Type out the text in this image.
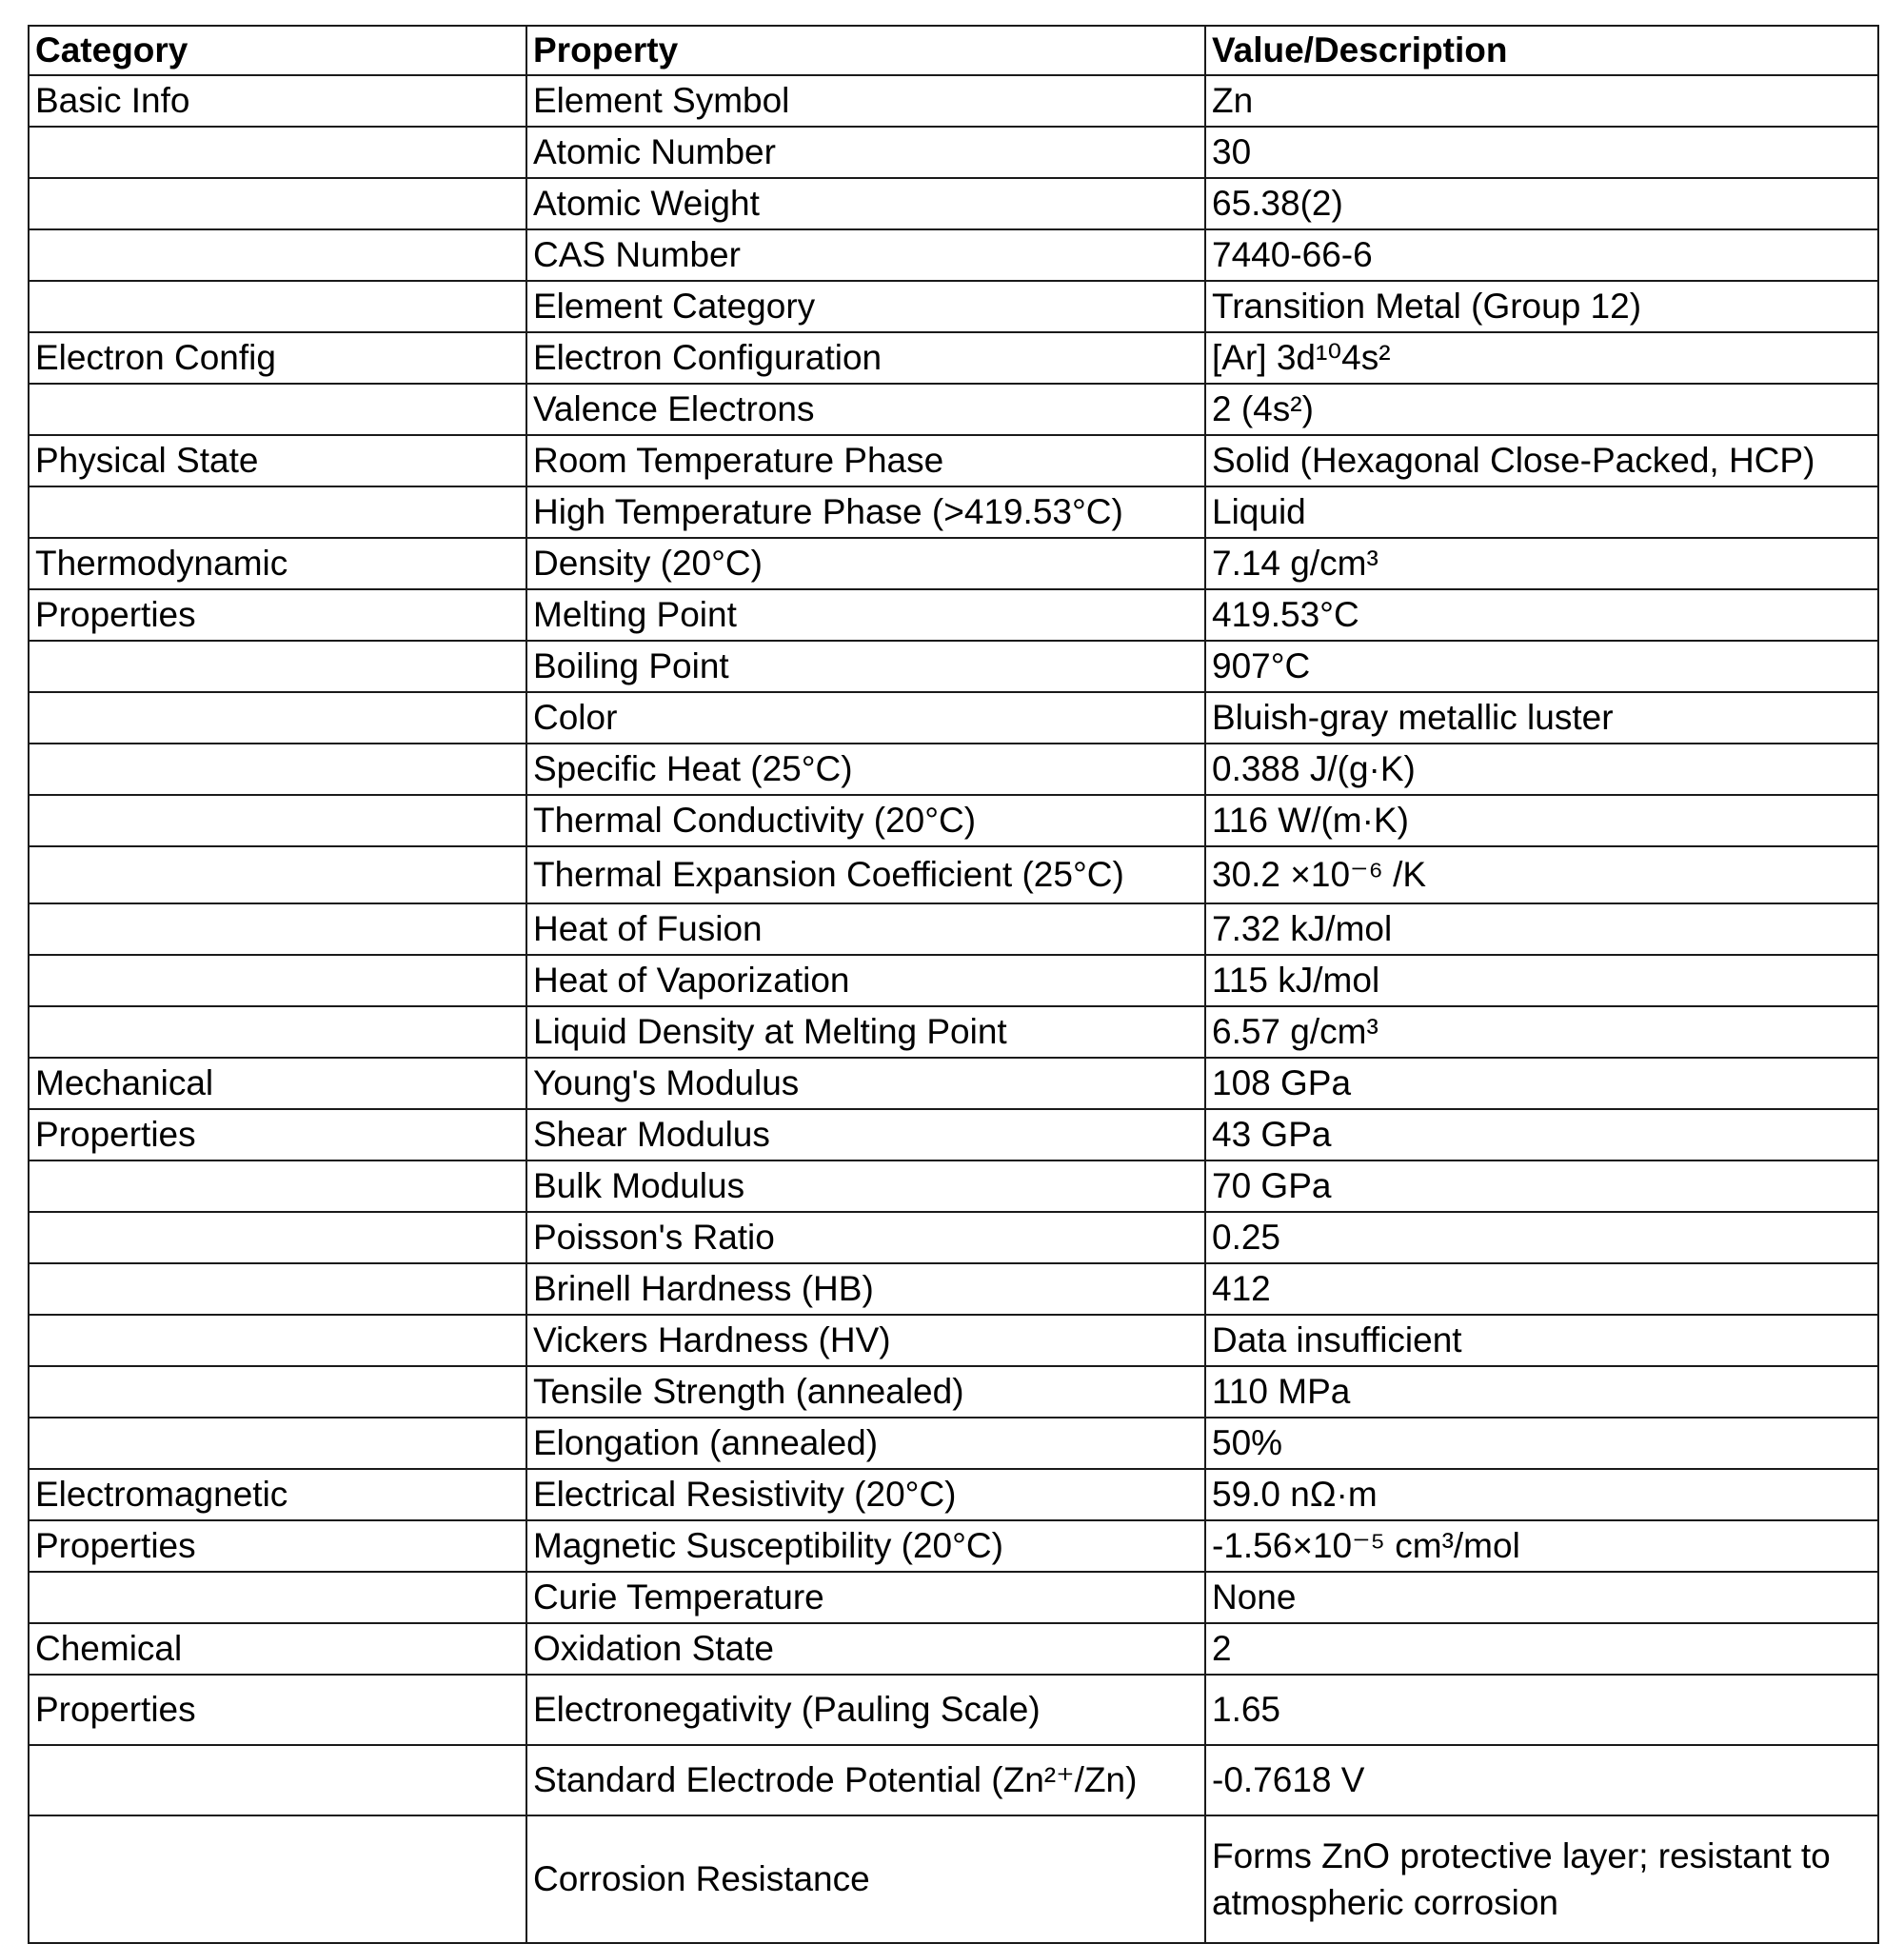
Category	Property	Value/Description
Basic Info	Element Symbol	Zn
	Atomic Number	30
	Atomic Weight	65.38(2)
	CAS Number	7440-66-6
	Element Category	Transition Metal (Group 12)
Electron Config	Electron Configuration	[Ar] 3d¹⁰4s²
	Valence Electrons	2 (4s²)
Physical State	Room Temperature Phase	Solid (Hexagonal Close-Packed, HCP)
	High Temperature Phase (>419.53°C)	Liquid
Thermodynamic	Density (20°C)	7.14 g/cm³
Properties	Melting Point	419.53°C
	Boiling Point	907°C
	Color	Bluish-gray metallic luster
	Specific Heat (25°C)	0.388 J/(g·K)
	Thermal Conductivity (20°C)	116 W/(m·K)
	Thermal Expansion Coefficient (25°C)	30.2 ×10⁻⁶ /K
	Heat of Fusion	7.32 kJ/mol
	Heat of Vaporization	115 kJ/mol
	Liquid Density at Melting Point	6.57 g/cm³
Mechanical	Young's Modulus	108 GPa
Properties	Shear Modulus	43 GPa
	Bulk Modulus	70 GPa
	Poisson's Ratio	0.25
	Brinell Hardness (HB)	412
	Vickers Hardness (HV)	Data insufficient
	Tensile Strength (annealed)	110 MPa
	Elongation (annealed)	50%
Electromagnetic	Electrical Resistivity (20°C)	59.0 nΩ·m
Properties	Magnetic Susceptibility (20°C)	-1.56×10⁻⁵ cm³/mol
	Curie Temperature	None
Chemical	Oxidation State	2
Properties	Electronegativity (Pauling Scale)	1.65
	Standard Electrode Potential (Zn²⁺/Zn)	-0.7618 V
	Corrosion Resistance	Forms ZnO protective layer; resistant to atmospheric corrosion
